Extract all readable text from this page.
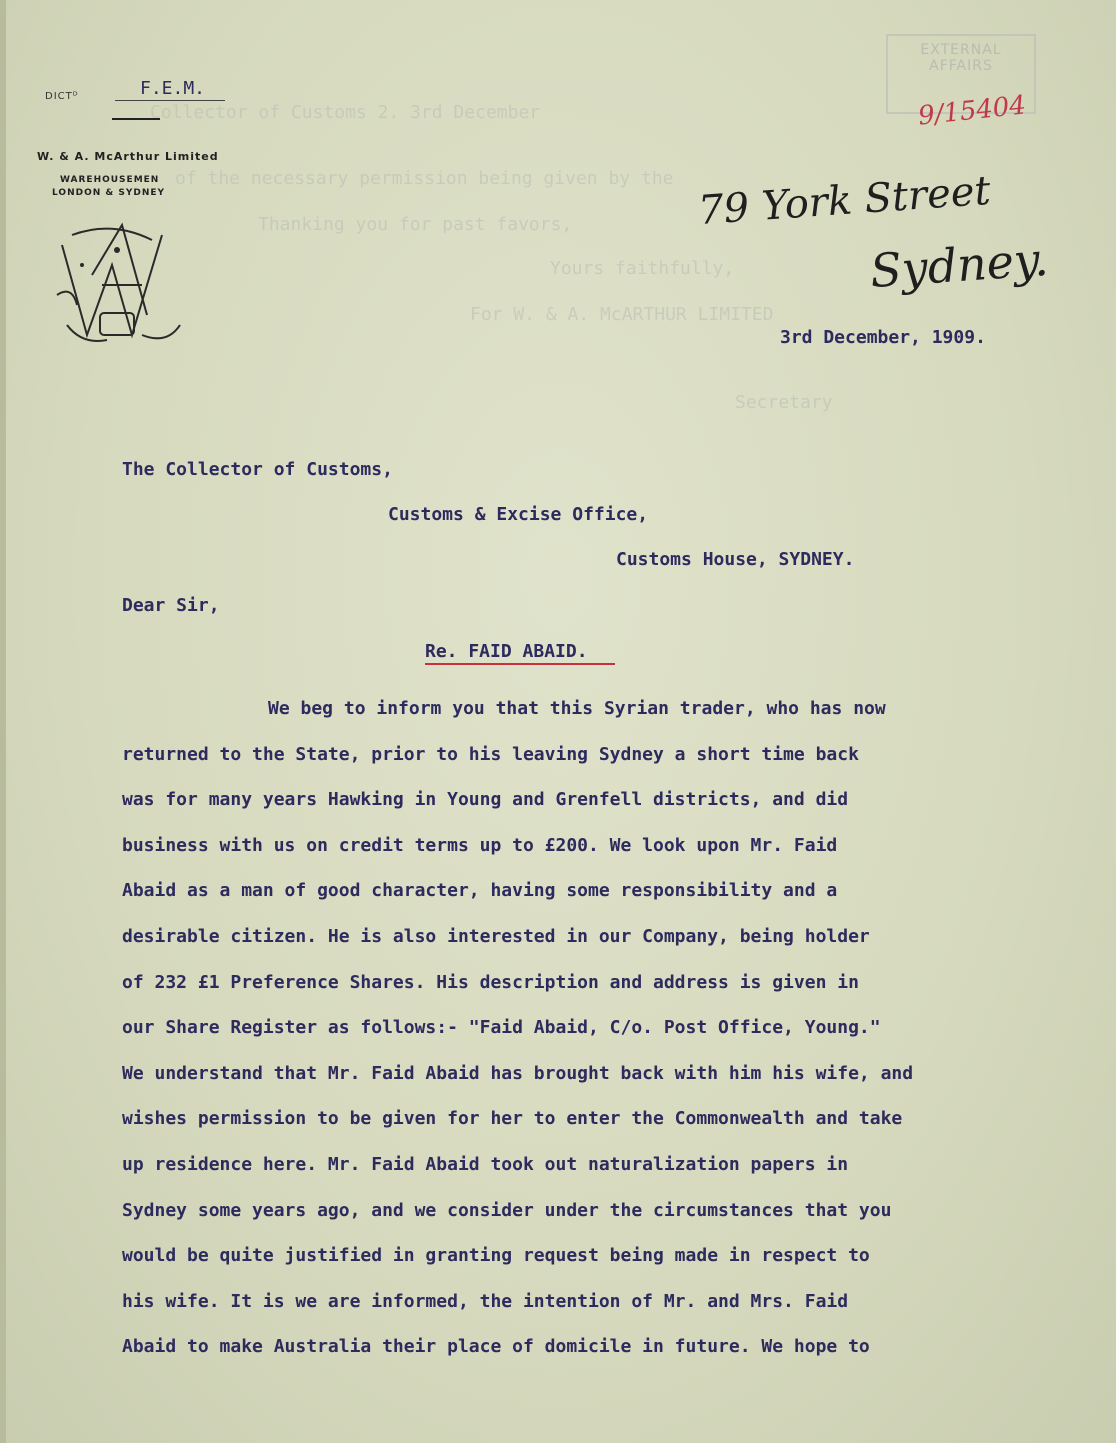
Collector of Customs 2. 3rd December
of the necessary permission being given by the
Thanking you for past favors,
Yours faithfully,
For W. & A. McARTHUR LIMITED
Secretary
EXTERNAL
AFFAIRS
9/15404
DICTᴰ	F.E.M.
W. & A. McArthur Limited
WAREHOUSEMEN
LONDON & SYDNEY	79 York Street
Sydney.
3rd December, 1909.
The Collector of Customs,
Customs & Excise Office,
Customs House, SYDNEY.
Dear Sir,
Re. FAID ABAID.
We beg to inform you that this Syrian trader, who has now
returned to the State, prior to his leaving Sydney a short time back
was for many years Hawking in Young and Grenfell districts, and did
business with us on credit terms up to £200. We look upon Mr. Faid
Abaid as a man of good character, having some responsibility and a
desirable citizen. He is also interested in our Company, being holder
of 232 £1 Preference Shares. His description and address is given in
our Share Register as follows:- "Faid Abaid, C/o. Post Office, Young."
We understand that Mr. Faid Abaid has brought back with him his wife, and
wishes permission to be given for her to enter the Commonwealth and take
up residence here. Mr. Faid Abaid took out naturalization papers in
Sydney some years ago, and we consider under the circumstances that you
would be quite justified in granting request being made in respect to
his wife. It is we are informed, the intention of Mr. and Mrs. Faid
Abaid to make Australia their place of domicile in future. We hope to
